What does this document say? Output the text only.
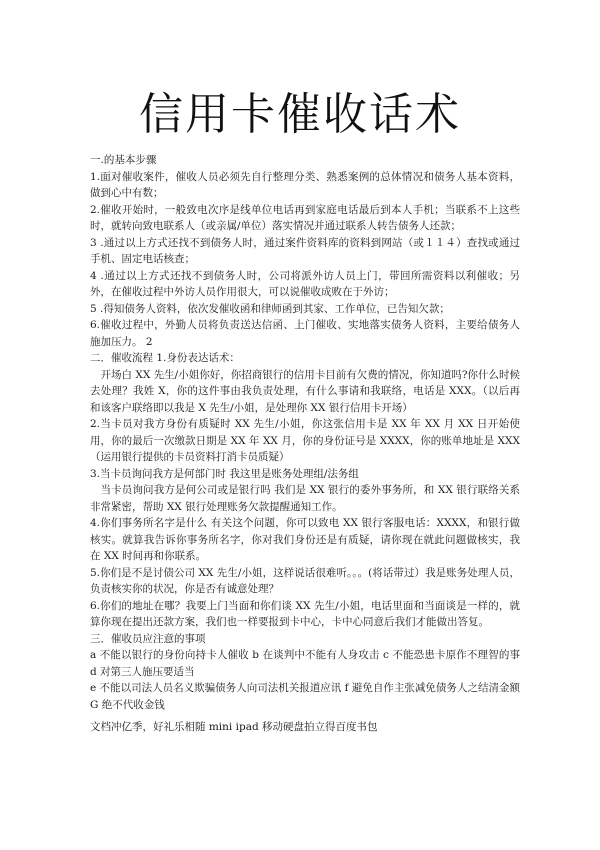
信用卡催收话术

一.的基本步骤

1.面对催收案件，催收人员必须先自行整理分类、熟悉案例的总体情况和债务人基本资料，做到心中有数；

2.催收开始时，一般致电次序是线单位电话再到家庭电话最后到本人手机；当联系不上这些时，就转向致电联系人（或亲属/单位）落实情况并通过联系人转告债务人还款；

3 .通过以上方式还找不到债务人时，通过案件资料库的资料到网站（或１１４）查找或通过手机、固定电话核查；

4 .通过以上方式还找不到债务人时，公司将派外访人员上门，带回所需资料以利催收；另外，在催收过程中外访人员作用很大，可以说催收成败在于外访；

5 .得知债务人资料，依次发催收函和律师函到其家、工作单位，已告知欠款；

6.催收过程中，外勤人员将负责送达信函、上门催收、实地落实债务人资料，主要给债务人施加压力。 2

二．催收流程 1.身份表达话术：

开场白 XX 先生/小姐你好，你招商银行的信用卡目前有欠费的情况，你知道吗?你什么时候去处理？我姓 X，你的这件事由我负责处理，有什么事请和我联络，电话是 XXX。（以后再和该客户联络即以我是 X 先生/小姐，是处理你 XX 银行信用卡开场）

2.当卡员对我方身份有质疑时 XX 先生/小姐，你这张信用卡是 XX 年 XX 月 XX 日开始使用，你的最后一次缴款日期是 XX 年 XX 月，你的身份证号是 XXXX，你的账单地址是 XXX（运用银行提供的卡员资料打消卡员质疑）

3.当卡员询问我方是何部门时 我这里是账务处理组/法务组

当卡员询问我方是何公司或是银行吗 我们是 XX 银行的委外事务所，和 XX 银行联络关系非常紧密，帮助 XX 银行处理账务欠款提醒通知工作。

4.你们事务所名字是什么 有关这个问题，你可以致电 XX 银行客服电话：XXXX，和银行做核实。就算我告诉你事务所名字，你对我们身份还是有质疑，请你现在就此问题做核实，我在 XX 时间再和你联系。

5.你们是不是讨债公司 XX 先生/小姐，这样说话很难听。。。(将话带过）我是账务处理人员，负责核实你的状况，你是否有诚意处理？

6.你们的地址在哪？我要上门当面和你们谈 XX 先生/小姐，电话里面和当面谈是一样的，就算你现在提出还款方案，我们也一样要报到卡中心，卡中心同意后我们才能做出答复。

三．催收员应注意的事项

a 不能以银行的身份向持卡人催收 b 在谈判中不能有人身攻击 c 不能恐患卡原作不理智的事 d 对第三人施压要适当

e 不能以司法人员名义欺骗债务人向司法机关报道应讯 f 避免自作主张减免债务人之结清金额 G 绝不代收金钱

文档冲亿季，好礼乐相随 mini ipad 移动硬盘拍立得百度书包
